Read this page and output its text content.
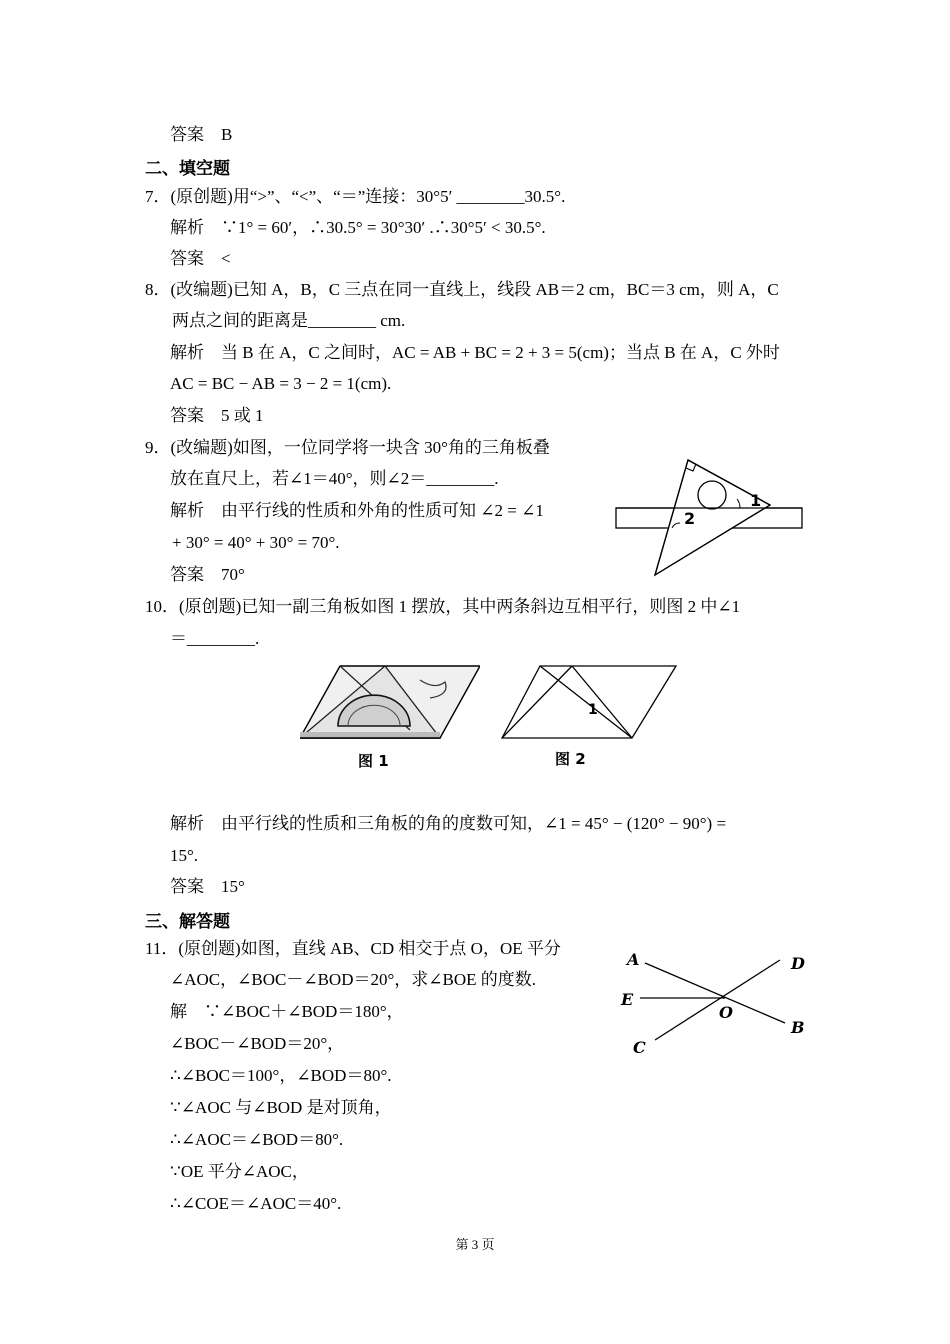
答案　B
二、填空题
7．(原创题)用“>”、“<”、“＝”连接：30°5′ ________30.5°.
解析　∵1° = 60′，∴30.5° = 30°30′ .∴30°5′ < 30.5°.
答案　<
8．(改编题)已知 A，B，C 三点在同一直线上，线段 AB＝2 cm，BC＝3 cm，则 A，C
两点之间的距离是________ cm.
解析　当 B 在 A，C 之间时，AC = AB + BC = 2 + 3 = 5(cm)；当点 B 在 A，C 外时
AC = BC − AB = 3 − 2 = 1(cm).
答案　5 或 1
9．(改编题)如图，一位同学将一块含 30°角的三角板叠
放在直尺上，若∠1＝40°，则∠2＝________.
解析　由平行线的性质和外角的性质可知 ∠2 = ∠1
+ 30° = 40° + 30° = 70°.
答案　70°
10．(原创题)已知一副三角板如图 1 摆放，其中两条斜边互相平行，则图 2 中∠1
＝________.
解析　由平行线的性质和三角板的角的度数可知，∠1 = 45° − (120° − 90°) =
15°.
答案　15°
三、解答题
11．(原创题)如图，直线 AB、CD 相交于点 O，OE 平分
∠AOC，∠BOC－∠BOD＝20°，求∠BOE 的度数.
解　∵∠BOC＋∠BOD＝180°，
∠BOC－∠BOD＝20°，
∴∠BOC＝100°，∠BOD＝80°.
∵∠AOC 与∠BOD 是对顶角，
∴∠AOC＝∠BOD＝80°.
∵OE 平分∠AOC，
∴∠COE＝∠AOC＝40°.
1
2
图 1
1
图 2
A	D
E
O
B
C
第 3 页
